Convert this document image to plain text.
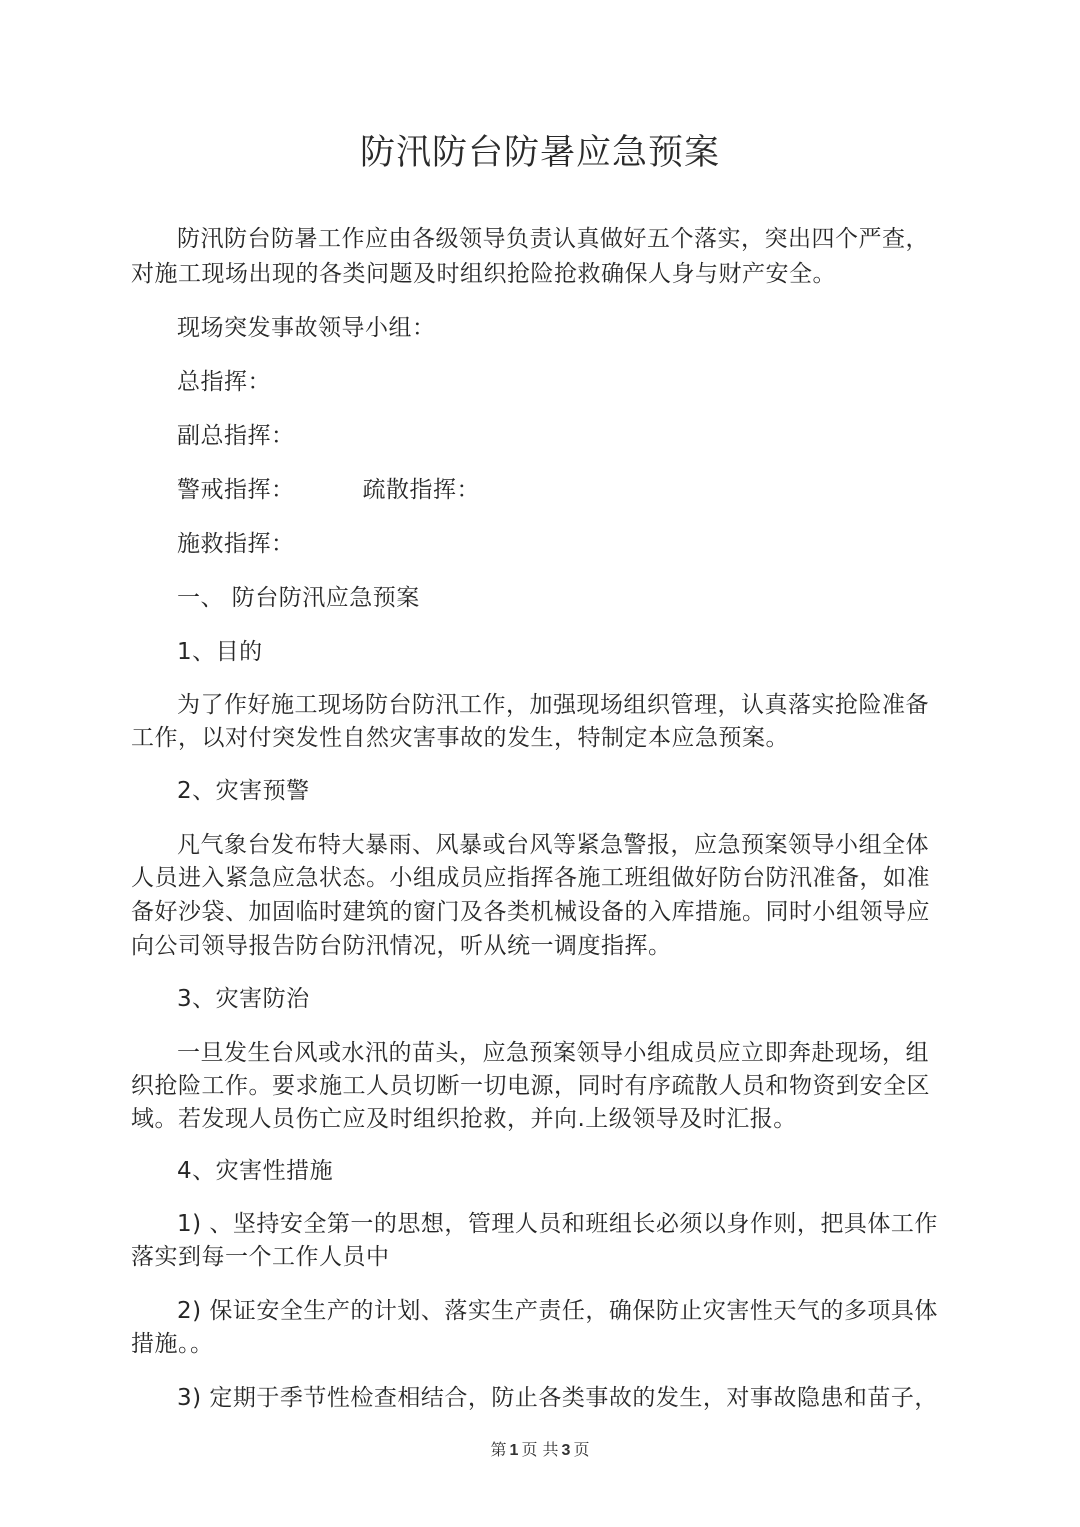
防汛防台防暑应急预案
防汛防台防暑工作应由各级领导负责认真做好五个落实，突出四个严查，
对施工现场出现的各类问题及时组织抢险抢救确保人身与财产安全。
现场突发事故领导小组：
总指挥：
副总指挥：
警戒指挥：	疏散指挥：
施救指挥：
一、 防台防汛应急预案
1、目的
为了作好施工现场防台防汛工作，加强现场组织管理，认真落实抢险准备
工作，以对付突发性自然灾害事故的发生，特制定本应急预案。
2、灾害预警
凡气象台发布特大暴雨、风暴或台风等紧急警报，应急预案领导小组全体
人员进入紧急应急状态。小组成员应指挥各施工班组做好防台防汛准备，如准
备好沙袋、加固临时建筑的窗门及各类机械设备的入库措施。同时小组领导应
向公司领导报告防台防汛情况，听从统一调度指挥。
3、灾害防治
一旦发生台风或水汛的苗头，应急预案领导小组成员应立即奔赴现场，组
织抢险工作。要求施工人员切断一切电源，同时有序疏散人员和物资到安全区
域。若发现人员伤亡应及时组织抢救，并向.上级领导及时汇报。
4、灾害性措施
1) 、坚持安全第一的思想，管理人员和班组长必须以身作则，把具体工作
落实到每一个工作人员中
2) 保证安全生产的计划、落实生产责任，确保防止灾害性天气的多项具体
措施。。
3) 定期于季节性检查相结合，防止各类事故的发生，对事故隐患和苗子，
第 1 页 共 3 页
